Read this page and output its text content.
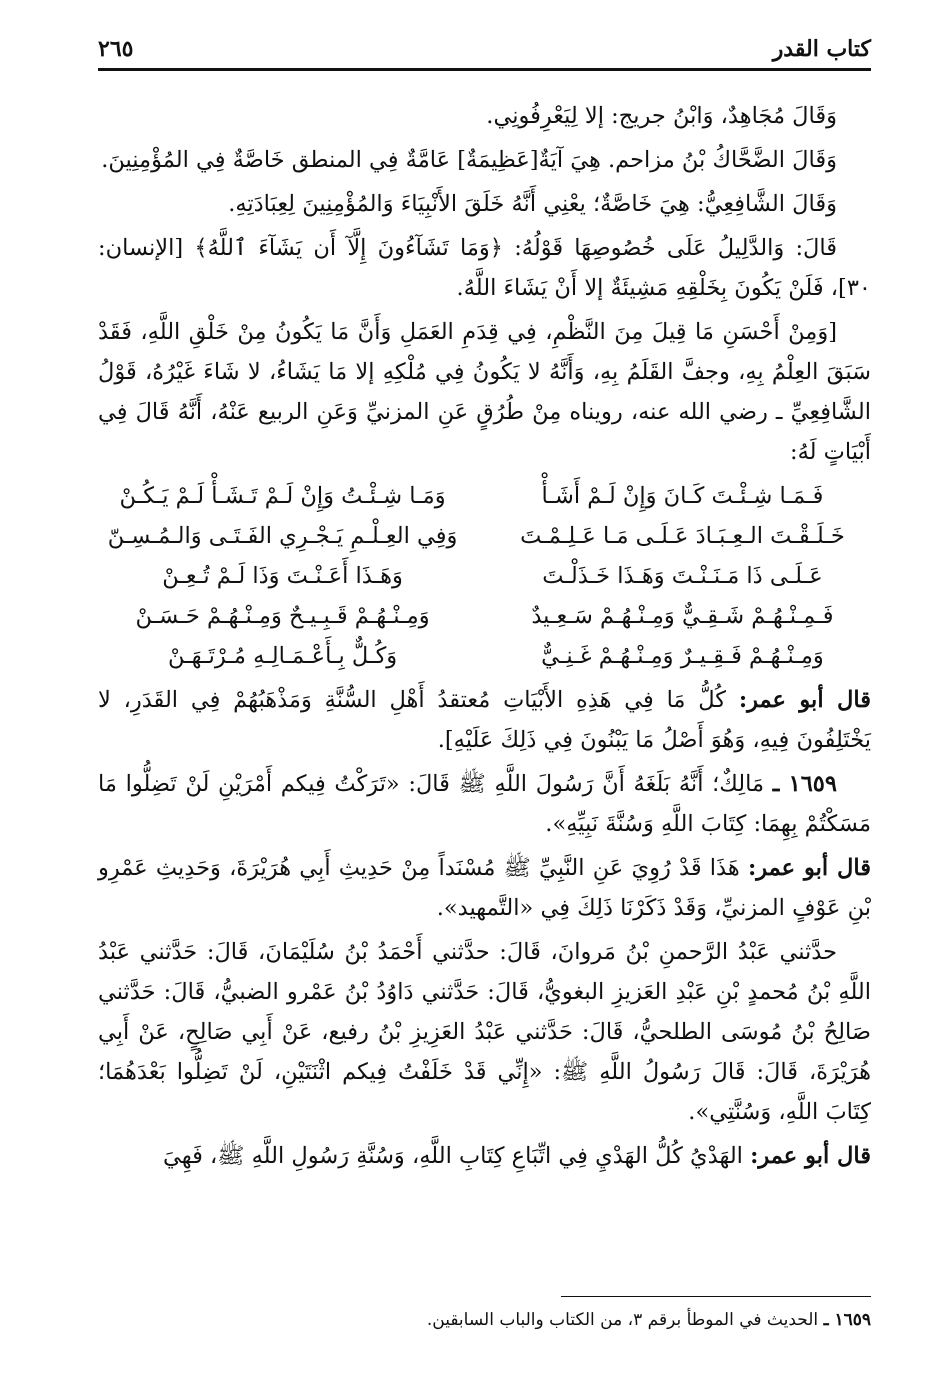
كتاب القدر
٢٦٥

وَقَالَ مُجَاهِدٌ، وَابْنُ جريج: إلا لِيَعْرِفُونِي.

وَقَالَ الضَّحَّاكُ بْنُ مزاحم. هِيَ آيَةٌ[عَظِيمَةٌ] عَامَّةٌ فِي المنطق خَاصَّةٌ فِي المُؤْمِنِينَ.

وَقَالَ الشَّافِعِيُّ: هِيَ خَاصَّةٌ؛ يعْنِي أَنَّهُ خَلَقَ الأَنْبِيَاءَ وَالمُؤْمِنِينَ لِعِبَادَتِهِ.

قَالَ: وَالدَّلِيلُ عَلَى خُصُوصِهَا قَوْلُهُ: ﴿وَمَا تَشَآءُونَ إِلَّآ أَن يَشَآءَ ٱللَّهُ﴾ [الإنسان: ٣٠]، فَلَنْ يَكُونَ بِخَلْقِهِ مَشِيئَةٌ إلا أَنْ يَشَاءَ اللَّهُ.

[وَمِنْ أَحْسَنِ مَا قِيلَ مِنَ النَّظْمِ، فِي قِدَمِ العَمَلِ وَأَنَّ مَا يَكُونُ مِنْ خَلْقِ اللَّهِ، فَقَدْ سَبَقَ العِلْمُ بِهِ، وجفَّ القَلَمُ بِهِ، وَأَنَّهُ لا يَكُونُ فِي مُلْكِهِ إلا مَا يَشَاءُ، لا شَاءَ غَيْرُهُ، قَوْلُ الشَّافِعِيِّ ـ رضي الله عنه، رويناه مِنْ طُرُقٍ عَنِ المزنيِّ وَعَنِ الربيع عَنْهُ، أَنَّهُ قَالَ فِي أَبْيَاتٍ لَهُ:

فَـمَـا شِـئْـتَ كَـانَ وَإِنْ لَـمْ أَشَـأْ
وَمَـا شِـئْـتُ وَإِنْ لَـمْ تَـشَـأْ لَـمْ يَـكُـنْ
خَـلَـقْـتَ الـعِـبَـادَ عَـلَـى مَـا عَـلِـمْـتَ
وَفِي العِـلْـمِ يَـجْـرِي الفَـتَـى وَالـمُـسِـنّ
عَـلَـى ذَا مَـنَـنْـتَ وَهَـذَا خَـذَلْـتَ
وَهَـذَا أَعَـنْـتَ وَذَا لَـمْ تُـعِـنْ
فَـمِـنْـهُـمْ شَـقِـيٌّ وَمِـنْـهُـمْ سَـعِـيدٌ
وَمِـنْـهُـمْ قَـبِـيـحٌ وَمِـنْـهُـمْ حَـسَـنْ
وَمِـنْـهُـمْ فَـقِـيـرٌ وَمِـنْـهُـمْ غَـنِـيٌّ
وَكُـلٌّ بِـأَعْـمَـالِـهِ مُـرْتَـهَـنْ

قال أبو عمر: كُلُّ مَا فِي هَذِهِ الأَبْيَاتِ مُعتقدُ أَهْلِ السُّنَّةِ وَمَذْهَبُهُمْ فِي القَدَرِ، لا يَخْتَلِفُونَ فِيهِ، وَهُوَ أَصْلُ مَا يَبْنُونَ فِي ذَلِكَ عَلَيْهِ].

١٦٥٩ ـ مَالِكٌ؛ أَنَّهُ بَلَغَهُ أَنَّ رَسُولَ اللَّهِ ﷺ قَالَ: «تَرَكْتُ فِيكم أَمْرَيْنِ لَنْ تَضِلُّوا مَا مَسَكْتُمْ بِهِمَا: كِتَابَ اللَّهِ وَسُنَّةَ نَبِيِّهِ».

قال أبو عمر: هَذَا قَدْ رُوِيَ عَنِ النَّبِيِّ ﷺ مُسْنَداً مِنْ حَدِيثِ أَبِي هُرَيْرَةَ، وَحَدِيثِ عَمْرِو بْنِ عَوْفٍ المزنيِّ، وَقَدْ ذَكَرْنَا ذَلِكَ فِي «التَّمهيد».

حدَّثني عَبْدُ الرَّحمنِ بْنُ مَروانَ، قَالَ: حدَّثني أَحْمَدُ بْنُ سُلَيْمَانَ، قَالَ: حَدَّثني عَبْدُ اللَّهِ بْنُ مُحمدٍ بْنِ عَبْدِ العَزيزِ البغويُّ، قَالَ: حَدَّثني دَاوُدُ بْنُ عَمْرو الضبيُّ، قَالَ: حَدَّثني صَالِحُ بْنُ مُوسَى الطلحيُّ، قَالَ: حَدَّثني عَبْدُ العَزِيزِ بْنُ رفيع، عَنْ أَبِي صَالِحٍ، عَنْ أَبِي هُرَيْرَةَ، قَالَ: قَالَ رَسُولُ اللَّهِ ﷺ: «إِنِّي قَدْ خَلَفْتُ فِيكم اثْنَتَيْنِ، لَنْ تَضِلُّوا بَعْدَهُمَا؛ كِتَابَ اللَّهِ، وَسُنَّتِي».

قال أبو عمر: الهَدْيُ كُلُّ الهَدْيِ فِي اتِّبَاعِ كِتَابِ اللَّهِ، وَسُنَّةِ رَسُولِ اللَّهِ ﷺ، فَهِيَ

١٦٥٩ ـ الحديث في الموطأ برقم ٣، من الكتاب والباب السابقين.
